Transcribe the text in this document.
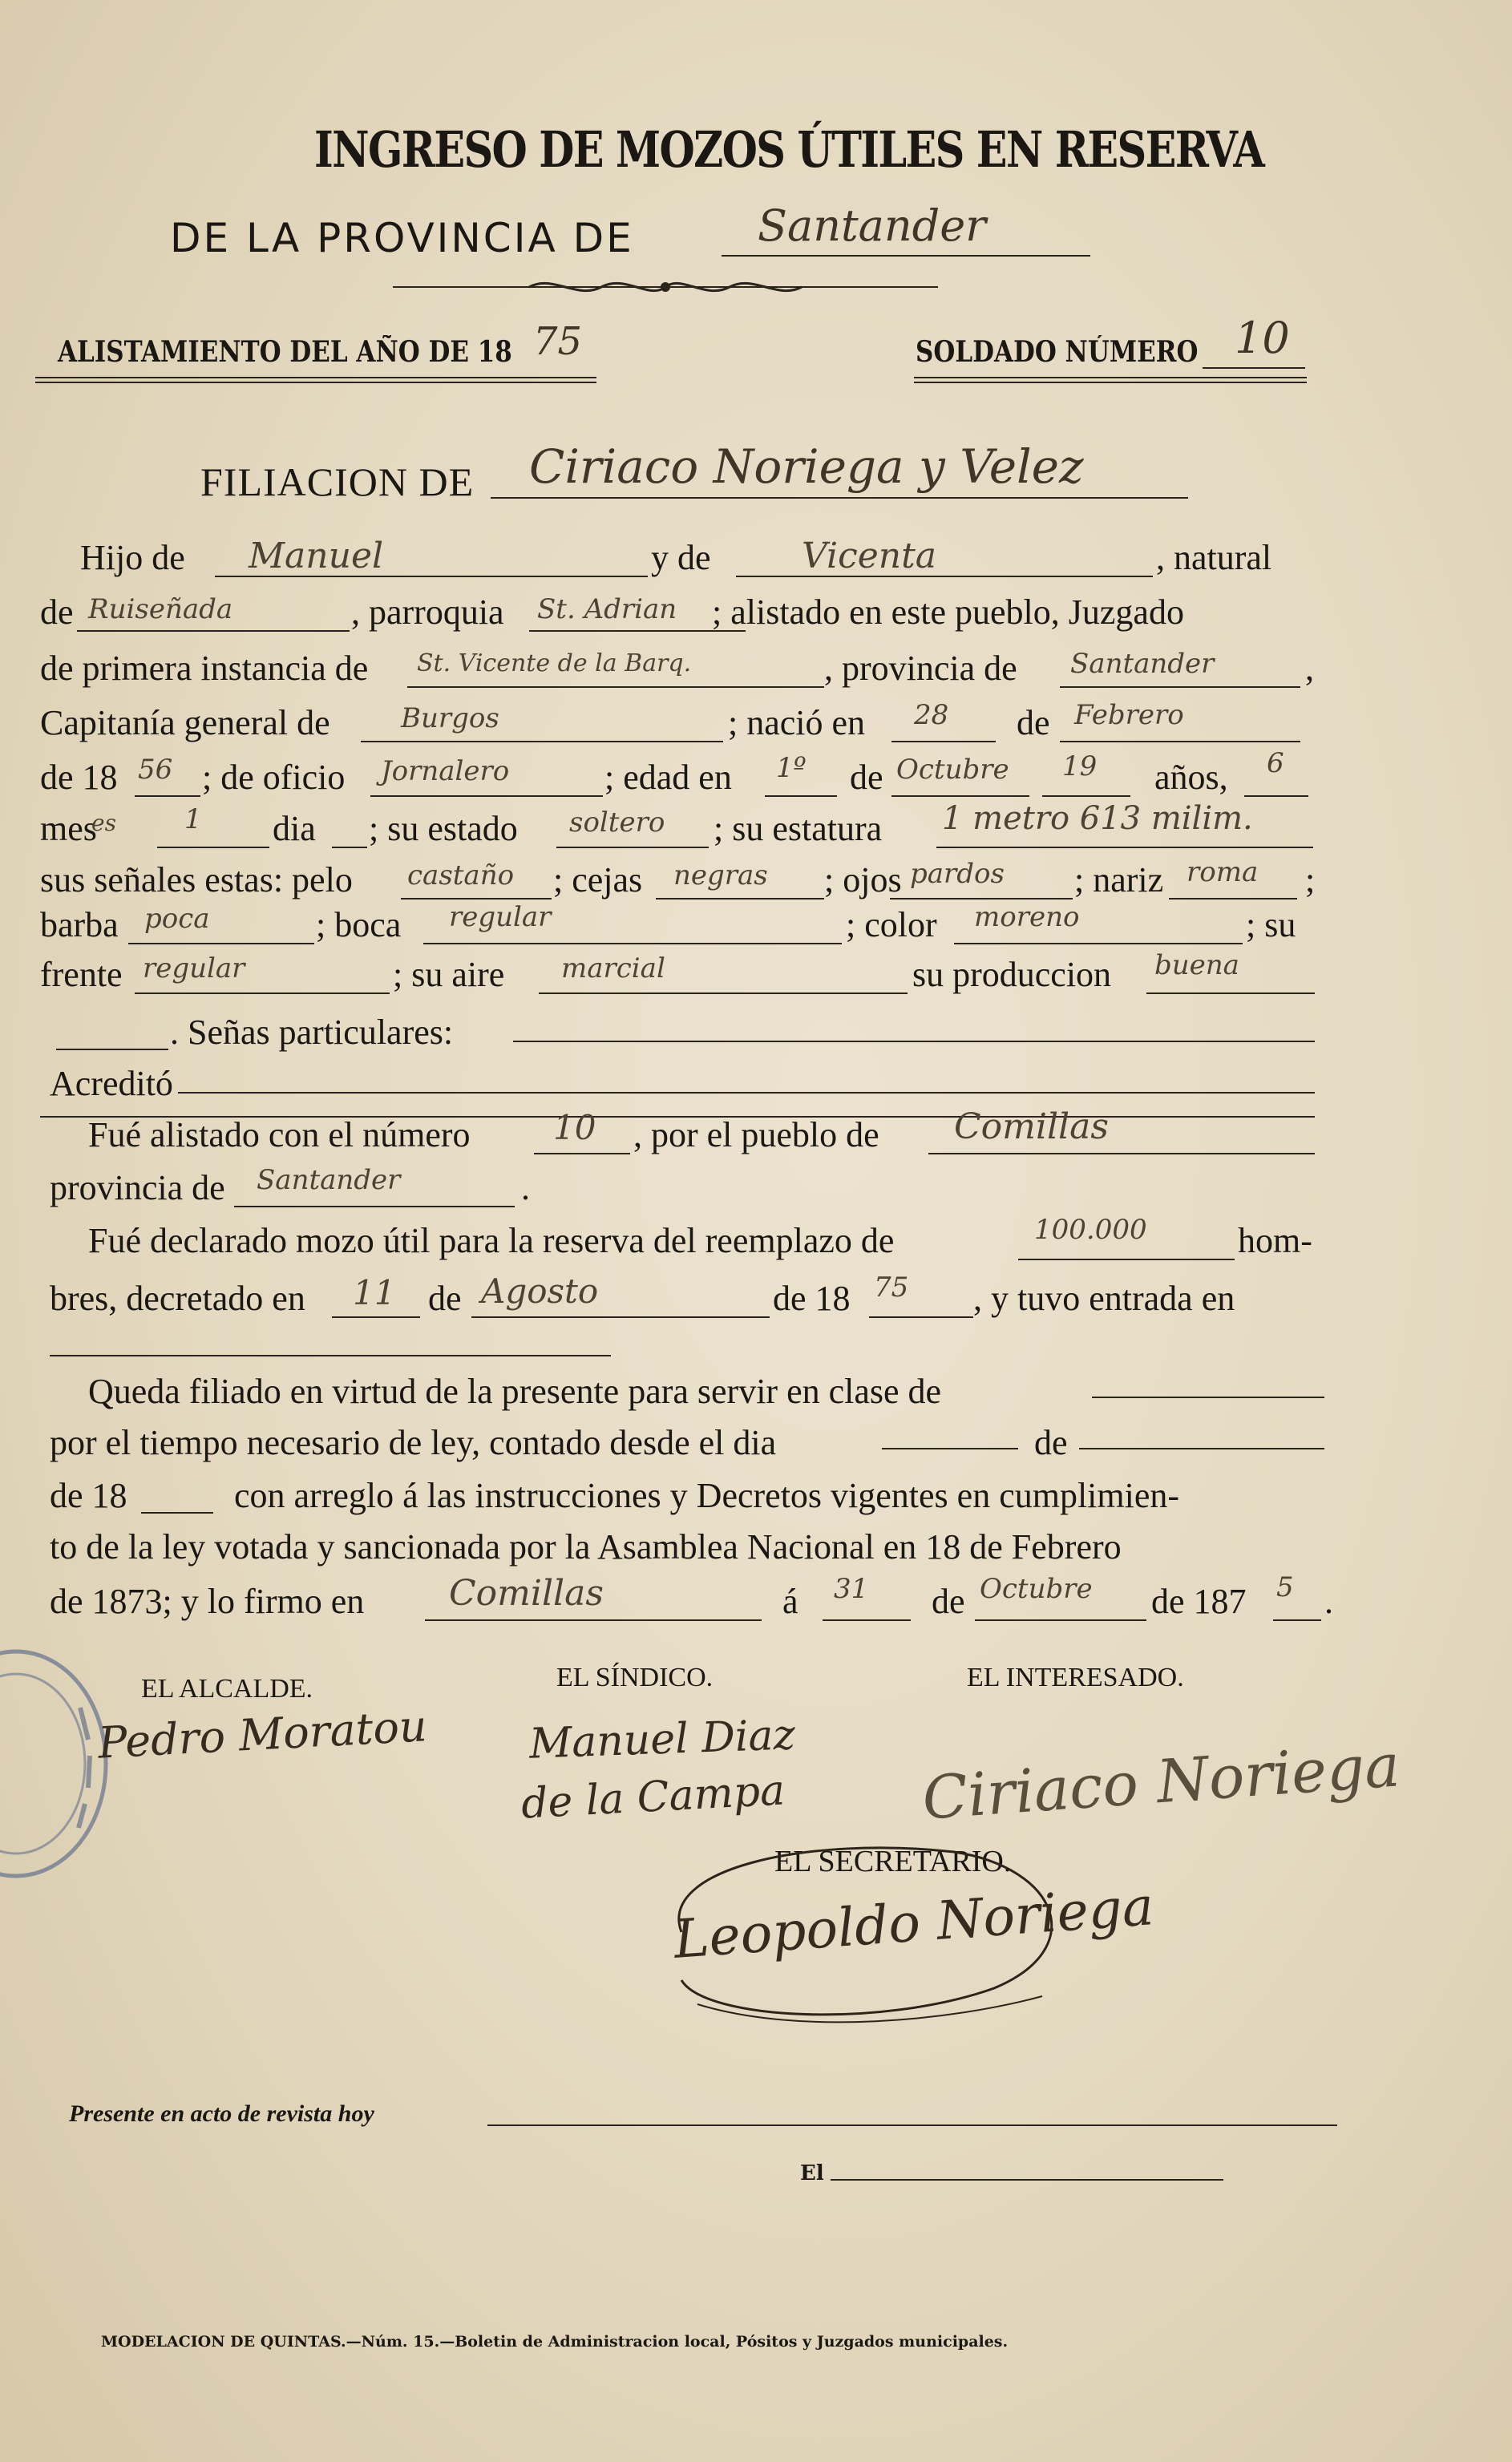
INGRESO DE MOZOS ÚTILES EN RESERVA
DE LA PROVINCIA DE	Santander
ALISTAMIENTO DEL AÑO DE 18 75	SOLDADO NÚMERO 10
FILIACION DE Ciriaco Noriega y Velez
Hijo de Manuel	y de	Vicenta	, natural
de Ruiseñada	, parroquia St. Adrian ; alistado en este pueblo, Juzgado
de primera instancia de St. Vicente de la Barq.	, provincia de Santander	,
Capitanía general de	Burgos	; nació en 28 de Febrero
de 18 56 ; de oficio Jornalero	; edad en 1º de Octubre 19 años, 6
mes
es	1 dia ; su estado soltero ; su estatura 1 metro 613 milim.
sus señales estas: pelo castaño ; cejas negras ; ojos pardos ; nariz roma ;
barba poca	; boca regular	; color moreno	; su
frente regular	; su aire marcial	su produccion buena
. Señas particulares:
Acreditó
Fué alistado con el número 10 , por el pueblo de Comillas
provincia de Santander	.
Fué declarado mozo útil para la reserva del reemplazo de	100.000	hom-
bres, decretado en 11 de Agosto	de 18 75 , y tuvo entrada en
Queda filiado en virtud de la presente para servir en clase de
por el tiempo necesario de ley, contado desde el dia	de
de 18	con arreglo á las instrucciones y Decretos vigentes en cumplimien-
to de la ley votada y sancionada por la Asamblea Nacional en 18 de Febrero
de 1873; y lo firmo en Comillas	á 31 de Octubre de 187 5 .
EL ALCALDE.	EL SÍNDICO.	EL INTERESADO.
Pedro Moratou Manuel Diaz
de la Campa Ciriaco Noriega
EL SECRETARIO.
Leopoldo Noriega
Presente en acto de revista hoy
El
MODELACION DE QUINTAS.—Núm. 15.—Boletin de Administracion local, Pósitos y Juzgados municipales.
